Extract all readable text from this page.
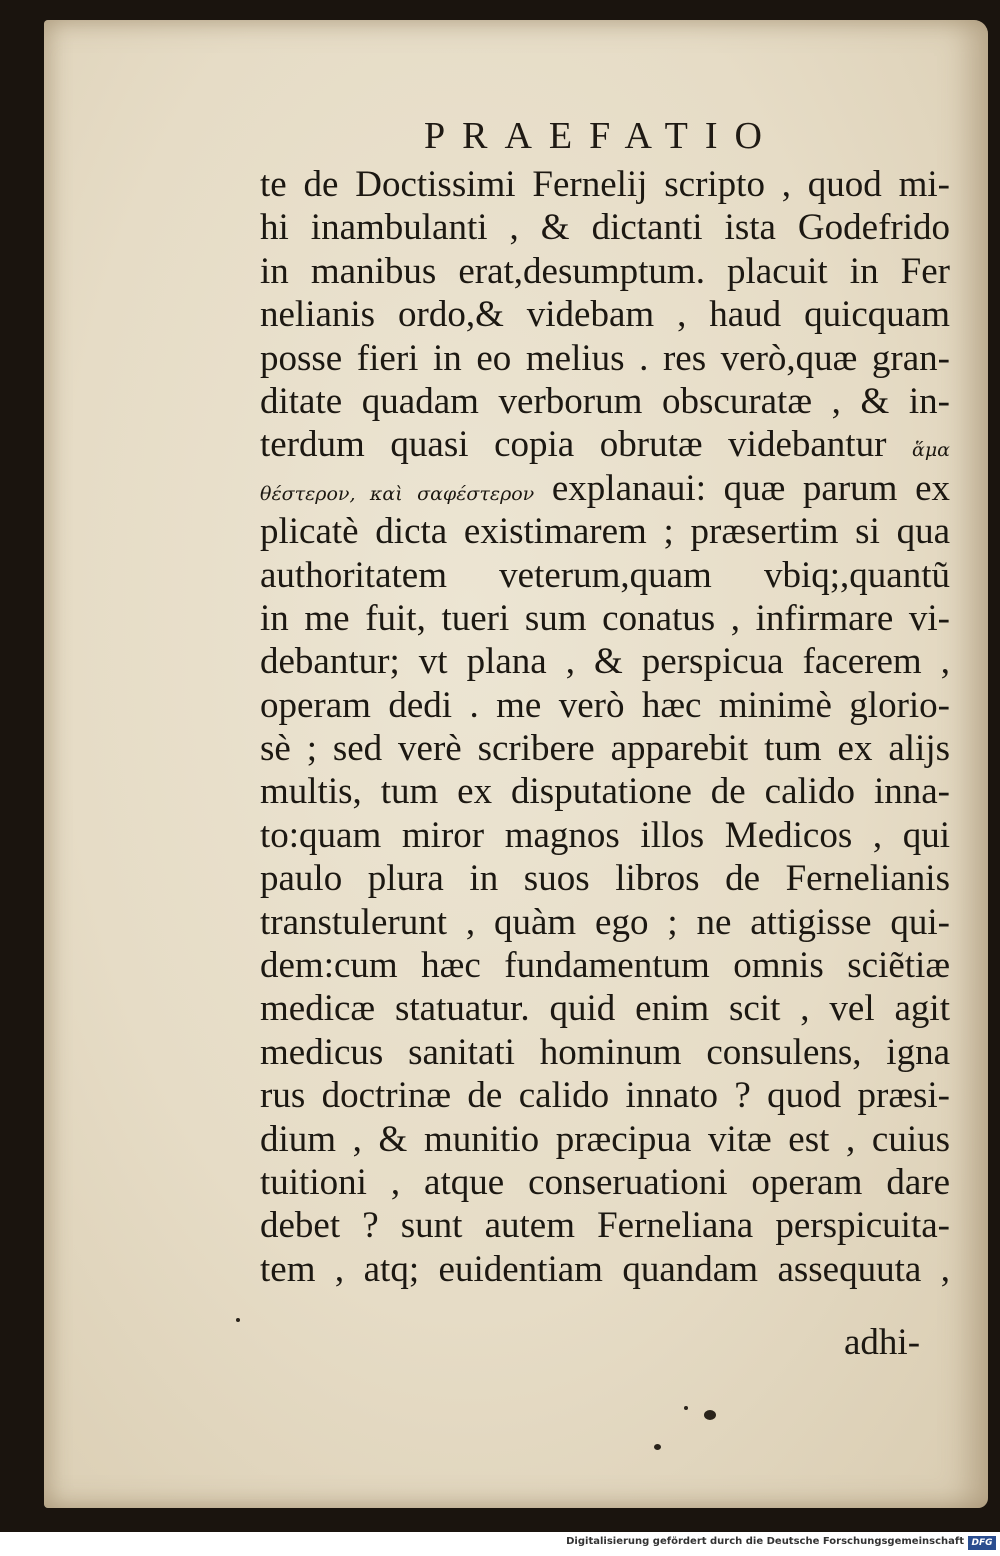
PRAEFATIO
te de Doctissimi Fernelij scripto , quod mi-
hi inambulanti , & dictanti ista Godefrido
in manibus erat,desumptum. placuit in Fer
nelianis ordo,& videbam , haud quicquam
posse fieri in eo melius . res verò,quæ gran-
ditate quadam verborum obscuratæ , & in-
terdum quasi copia obrutæ videbantur ἅμα
θέστερον, καὶ σαφέστερον explanaui: quæ parum ex
plicatè dicta existimarem ; præsertim si qua
authoritatem veterum,quam vbiq;,quantũ
in me fuit, tueri sum conatus , infirmare vi-
debantur; vt plana , & perspicua facerem ,
operam dedi . me verò hæc minimè glorio-
sè ; sed verè scribere apparebit tum ex alijs
multis, tum ex disputatione de calido inna-
to:quam miror magnos illos Medicos , qui
paulo plura in suos libros de Fernelianis
transtulerunt , quàm ego ; ne attigisse qui-
dem:cum hæc fundamentum omnis sciẽtiæ
medicæ statuatur. quid enim scit , vel agit
medicus sanitati hominum consulens, igna
rus doctrinæ de calido innato ? quod præsi-
dium , & munitio præcipua vitæ est , cuius
tuitioni , atque conseruationi operam dare
debet ? sunt autem Ferneliana perspicuita-
tem , atq; euidentiam quandam assequuta ,
adhi-
Digitalisierung gefördert durch die Deutsche Forschungsgemeinschaft DFG
